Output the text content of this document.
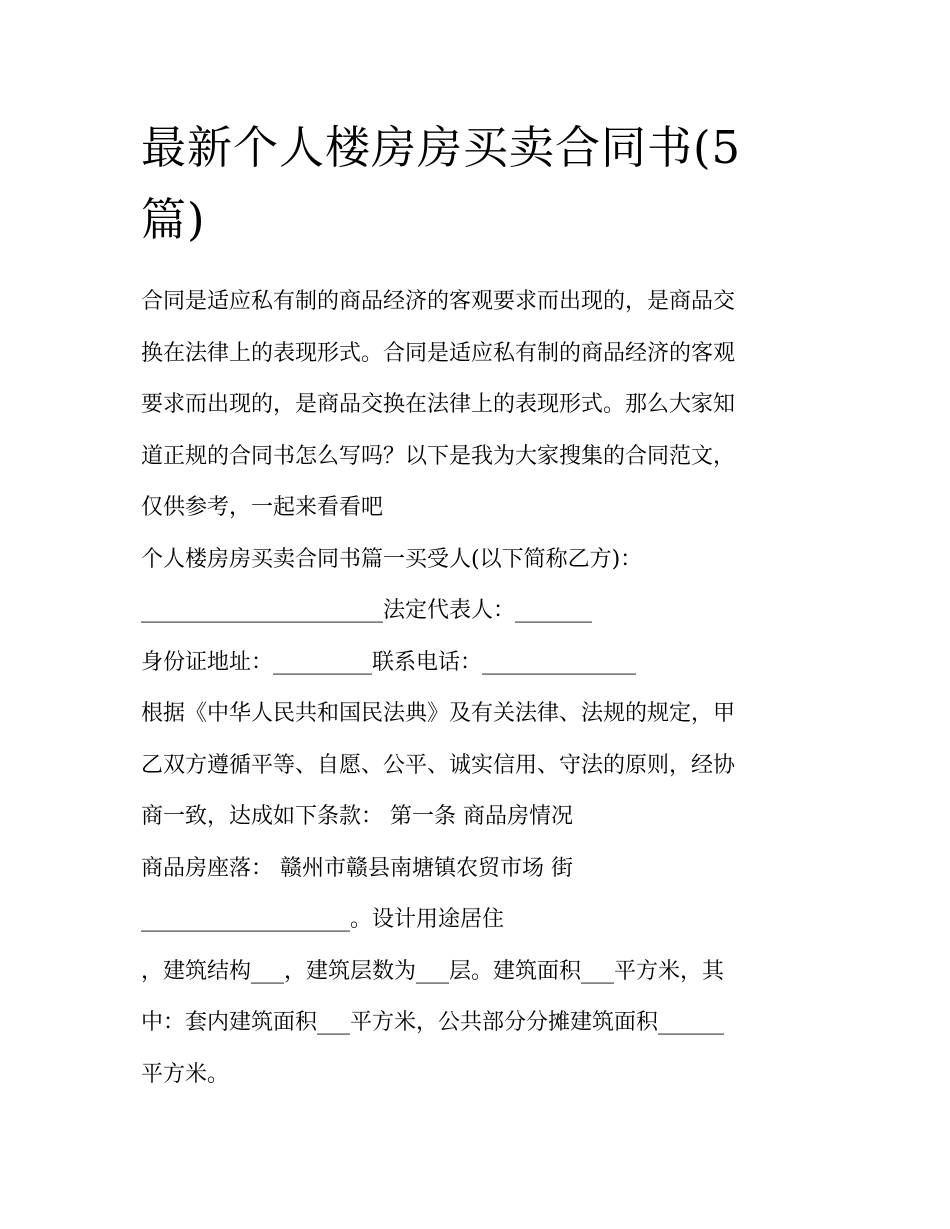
最新个人楼房房买卖合同书(5
篇)
合同是适应私有制的商品经济的客观要求而出现的，是商品交
换在法律上的表现形式。合同是适应私有制的商品经济的客观
要求而出现的，是商品交换在法律上的表现形式。那么大家知
道正规的合同书怎么写吗？以下是我为大家搜集的合同范文，
仅供参考，一起来看看吧
个人楼房房买卖合同书篇一买受人(以下简称乙方)：
______________________法定代表人：_______
身份证地址：_________联系电话：______________
根据《中华人民共和国民法典》及有关法律、法规的规定，甲
乙双方遵循平等、自愿、公平、诚实信用、守法的原则，经协
商一致，达成如下条款： 第一条 商品房情况
商品房座落： 赣州市赣县南塘镇农贸市场 街
___________________。设计用途居住
，建筑结构___，建筑层数为___层。建筑面积___平方米，其
中：套内建筑面积___平方米，公共部分分摊建筑面积______
平方米。
